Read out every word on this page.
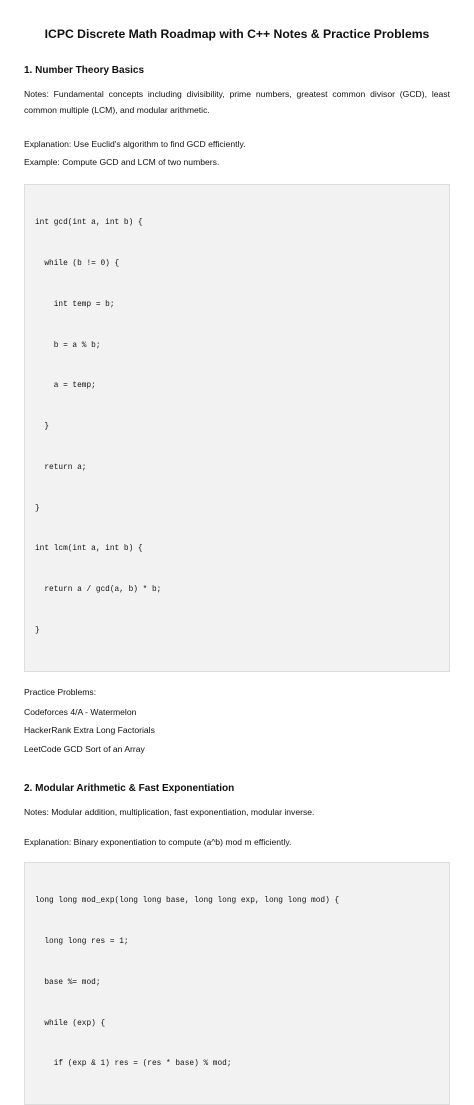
ICPC Discrete Math Roadmap with C++ Notes & Practice Problems
1. Number Theory Basics

Notes: Fundamental concepts including divisibility, prime numbers, greatest common divisor (GCD), least common multiple (LCM), and modular arithmetic.

Explanation: Use Euclid's algorithm to find GCD efficiently.

Example: Compute GCD and LCM of two numbers.

int gcd(int a, int b) {

while (b != 0) {

int temp = b;

b = a % b;

a = temp;

}

return a;

}

int lcm(int a, int b) {

return a / gcd(a, b) * b;

}

Practice Problems:

Codeforces 4/A - Watermelon
HackerRank Extra Long Factorials
LeetCode GCD Sort of an Array
2. Modular Arithmetic & Fast Exponentiation

Notes: Modular addition, multiplication, fast exponentiation, modular inverse.

Explanation: Binary exponentiation to compute (a^b) mod m efficiently.

long long mod_exp(long long base, long long exp, long long mod) {

long long res = 1;

base %= mod;

while (exp) {

if (exp & 1) res = (res * base) % mod;
